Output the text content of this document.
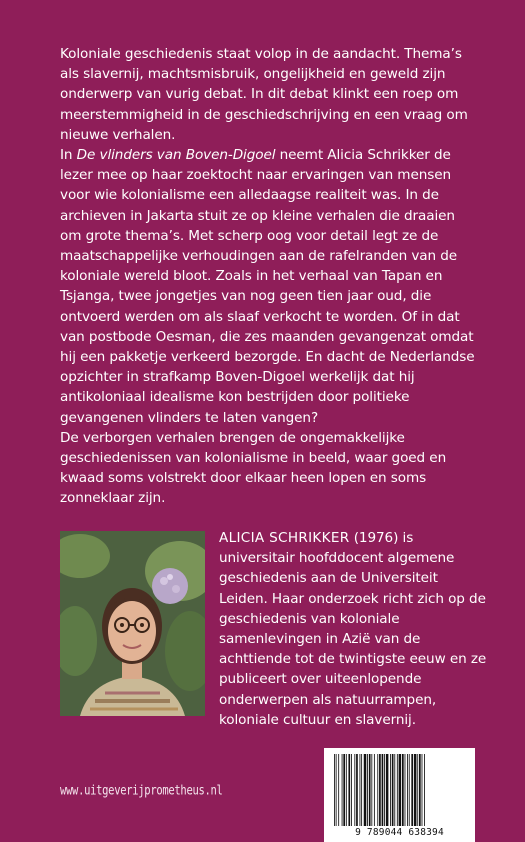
Koloniale geschiedenis staat volop in de aandacht. Thema’s als slavernij, machtsmisbruik, ongelijkheid en geweld zijn onderwerp van vurig debat. In dit debat klinkt een roep om meerstemmigheid in de geschiedschrijving en een vraag om nieuwe verhalen.

In De vlinders van Boven-Digoel neemt Alicia Schrikker de lezer mee op haar zoektocht naar ervaringen van mensen voor wie kolonialisme een alledaagse realiteit was. In de archieven in Jakarta stuit ze op kleine verhalen die draaien om grote thema’s. Met scherp oog voor detail legt ze de maatschappelijke verhoudingen aan de rafelranden van de koloniale wereld bloot. Zoals in het verhaal van Tapan en Tsjanga, twee jongetjes van nog geen tien jaar oud, die ontvoerd werden om als slaaf verkocht te worden. Of in dat van postbode Oesman, die zes maanden gevangenzat omdat hij een pakketje verkeerd bezorgde. En dacht de Nederlandse opzichter in strafkamp Boven-Digoel werkelijk dat hij antikoloniaal idealisme kon bestrijden door politieke gevangenen vlinders te laten vangen?

De verborgen verhalen brengen de ongemakkelijke geschiedenissen van kolonialisme in beeld, waar goed en kwaad soms volstrekt door elkaar heen lopen en soms zonneklaar zijn.

ALICIA SCHRIKKER (1976) is universitair hoofddocent algemene geschiedenis aan de Universiteit Leiden. Haar onderzoek richt zich op de geschiedenis van koloniale samenlevingen in Azië van de achttiende tot de twintigste eeuw en ze publiceert over uiteenlopende onderwerpen als natuurrampen, koloniale cultuur en slavernij.

www.uitgeverijprometheus.nl
9 789044 638394
